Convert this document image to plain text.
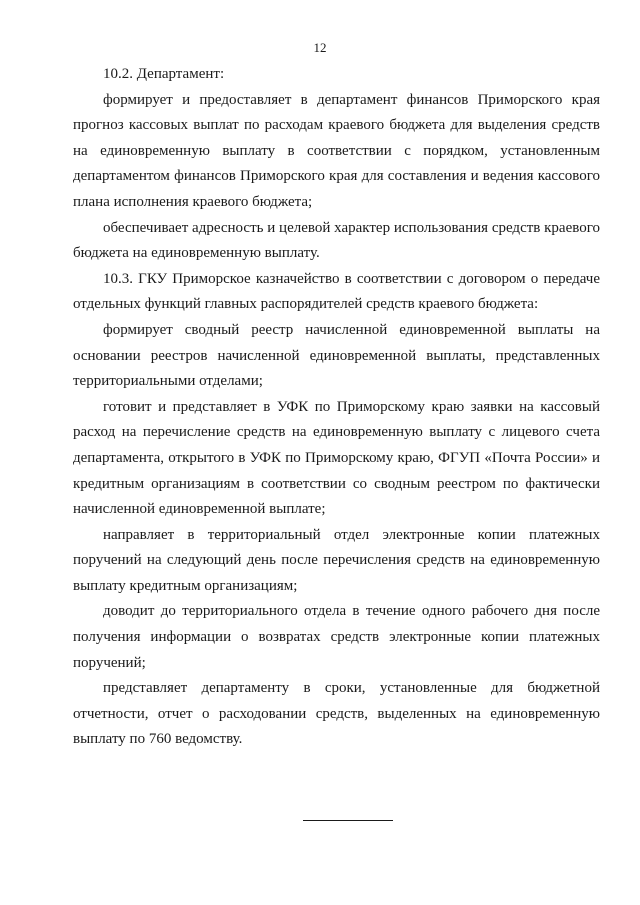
12

10.2. Департамент:

формирует и предоставляет в департамент финансов Приморского края прогноз кассовых выплат по расходам краевого бюджета для выделения средств на единовременную выплату в соответствии с порядком, установленным департаментом финансов Приморского края для составления и ведения кассового плана исполнения краевого бюджета;

обеспечивает адресность и целевой характер использования средств краевого бюджета на единовременную выплату.

10.3. ГКУ Приморское казначейство в соответствии с договором о передаче отдельных функций главных распорядителей средств краевого бюджета:

формирует сводный реестр начисленной единовременной выплаты на основании реестров начисленной единовременной выплаты, представленных территориальными отделами;

готовит и представляет в УФК по Приморскому краю заявки на кассовый расход на перечисление средств на единовременную выплату с лицевого счета департамента, открытого в УФК по Приморскому краю, ФГУП «Почта России» и кредитным организациям в соответствии со сводным реестром по фактически начисленной единовременной выплате;

направляет в территориальный отдел электронные копии платежных поручений на следующий день после перечисления средств на единовременную выплату кредитным организациям;

доводит до территориального отдела в течение одного рабочего дня после получения информации о возвратах средств электронные копии платежных поручений;

представляет департаменту в сроки, установленные для бюджетной отчетности, отчет о расходовании средств, выделенных на единовременную выплату по 760 ведомству.
